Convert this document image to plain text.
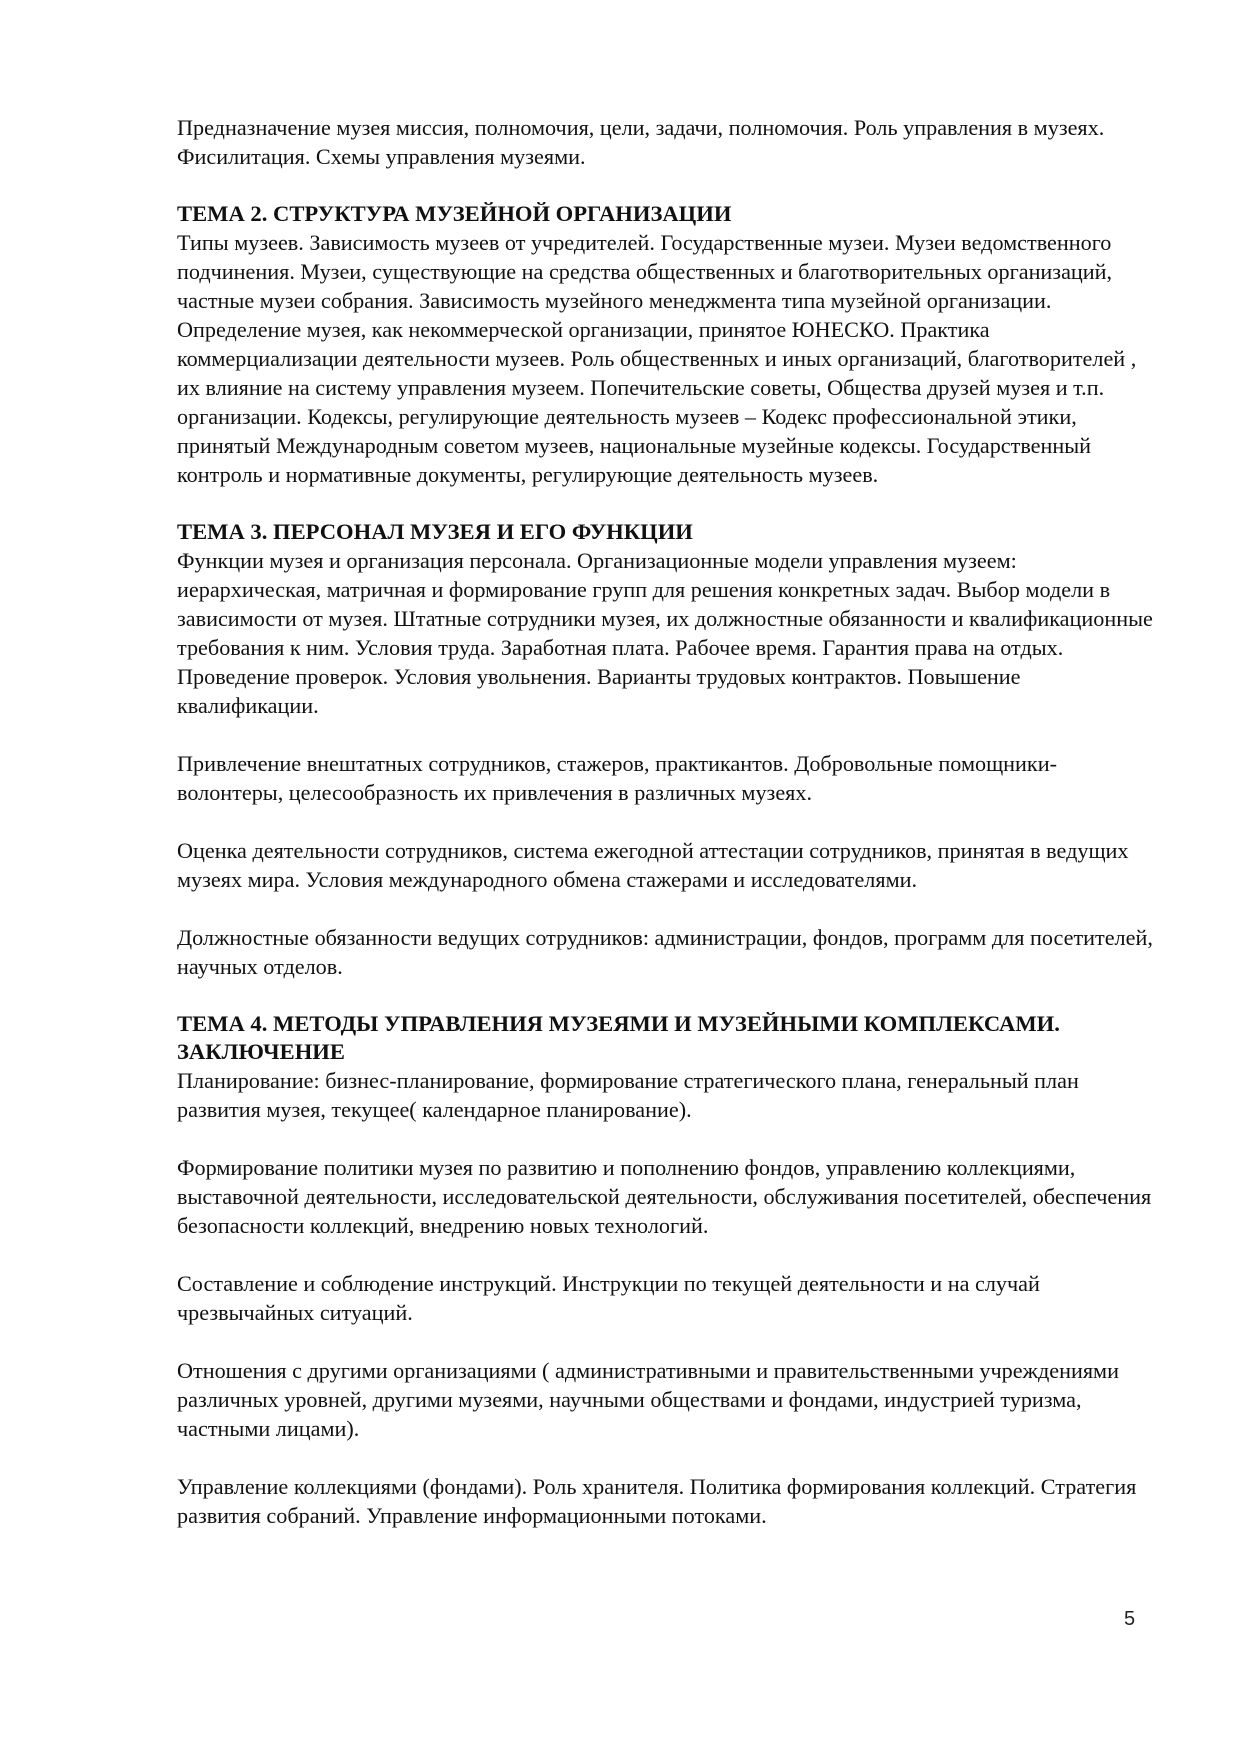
Предназначение музея миссия, полномочия, цели, задачи, полномочия. Роль управления в музеях. Фисилитация. Схемы управления музеями.

ТЕМА 2. СТРУКТУРА МУЗЕЙНОЙ ОРГАНИЗАЦИИ

Типы музеев. Зависимость музеев от учредителей. Государственные музеи. Музеи ведомственного подчинения. Музеи, существующие на средства общественных и благотворительных организаций, частные музеи собрания. Зависимость музейного менеджмента типа музейной организации. Определение музея, как некоммерческой организации, принятое ЮНЕСКО. Практика коммерциализации деятельности музеев. Роль общественных и иных организаций, благотворителей , их влияние на систему управления музеем. Попечительские советы, Общества друзей музея и т.п. организации. Кодексы, регулирующие деятельность музеев – Кодекс профессиональной этики, принятый Международным советом музеев, национальные музейные кодексы. Государственный контроль и нормативные документы, регулирующие деятельность музеев.

ТЕМА 3. ПЕРСОНАЛ МУЗЕЯ И ЕГО ФУНКЦИИ

Функции музея и организация персонала. Организационные модели управления музеем: иерархическая, матричная и формирование групп для решения конкретных задач. Выбор модели в зависимости от музея. Штатные сотрудники музея, их должностные обязанности и квалификационные требования к ним. Условия труда. Заработная плата. Рабочее время. Гарантия права на отдых. Проведение проверок. Условия увольнения. Варианты трудовых контрактов. Повышение квалификации.

Привлечение внештатных сотрудников, стажеров, практикантов. Добровольные помощники-волонтеры, целесообразность их привлечения в различных музеях.

Оценка деятельности сотрудников, система ежегодной аттестации сотрудников, принятая в ведущих музеях мира. Условия международного обмена стажерами и исследователями.

Должностные обязанности ведущих сотрудников: администрации, фондов, программ для посетителей, научных отделов.

ТЕМА 4. МЕТОДЫ УПРАВЛЕНИЯ МУЗЕЯМИ И МУЗЕЙНЫМИ КОМПЛЕКСАМИ. ЗАКЛЮЧЕНИЕ

Планирование: бизнес-планирование, формирование стратегического плана, генеральный план развития музея, текущее( календарное планирование).

Формирование политики музея по развитию и пополнению фондов, управлению коллекциями, выставочной деятельности, исследовательской деятельности, обслуживания посетителей, обеспечения безопасности коллекций, внедрению новых технологий.

Составление и соблюдение инструкций. Инструкции по текущей деятельности и на случай чрезвычайных ситуаций.

Отношения с другими организациями ( административными и правительственными учреждениями различных уровней, другими музеями, научными обществами и фондами, индустрией туризма, частными лицами).

Управление коллекциями (фондами). Роль хранителя. Политика формирования коллекций. Стратегия развития собраний. Управление информационными потоками.

5
